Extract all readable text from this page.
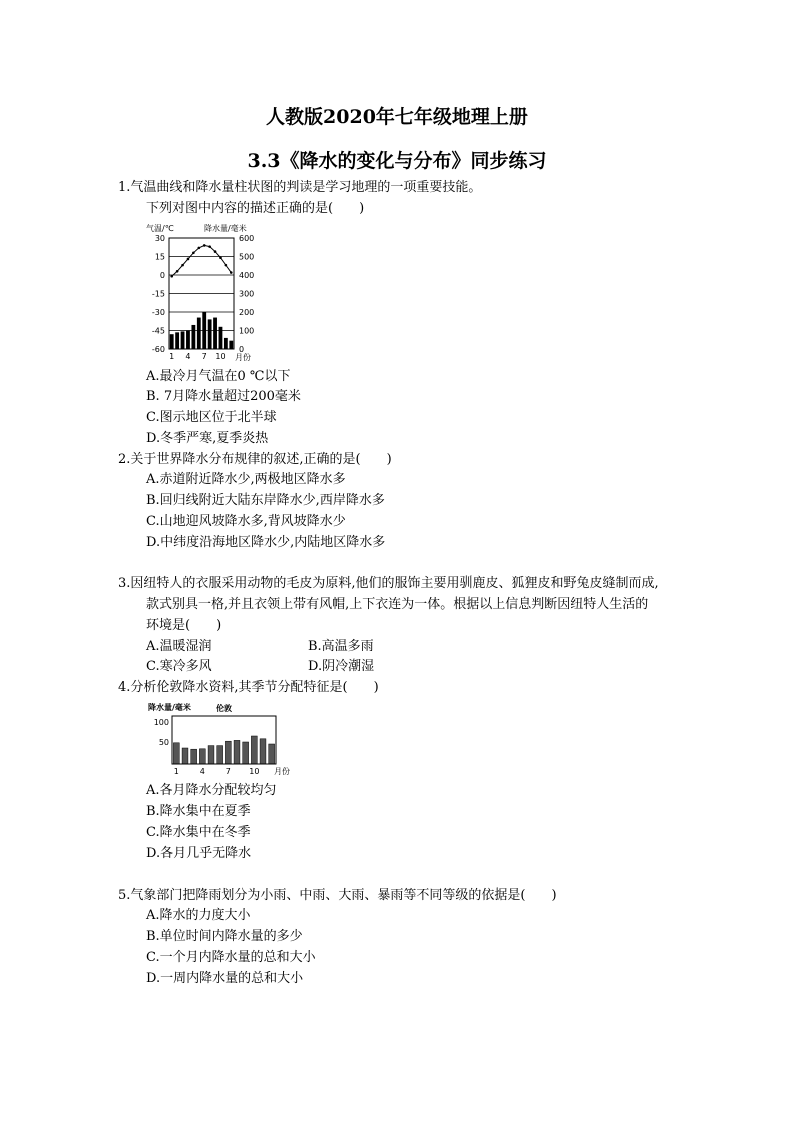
人教版2020年七年级地理上册
3.3《降水的变化与分布》同步练习
1.气温曲线和降水量柱状图的判读是学习地理的一项重要技能。
下列对图中内容的描述正确的是(　　)
气温/℃	降水量/毫米
30
15
0
-15
-30
-45
-60
600
500
400
300
200
100
0
1 4 7 10 月份
A.最冷月气温在0 ℃以下
B. 7月降水量超过200毫米
C.图示地区位于北半球
D.冬季严寒,夏季炎热
2.关于世界降水分布规律的叙述,正确的是(　　)
A.赤道附近降水少,两极地区降水多
B.回归线附近大陆东岸降水少,西岸降水多
C.山地迎风坡降水多,背风坡降水少
D.中纬度沿海地区降水少,内陆地区降水多
3.因纽特人的衣服采用动物的毛皮为原料,他们的服饰主要用驯鹿皮、狐狸皮和野兔皮缝制而成,
款式别具一格,并且衣领上带有风帽,上下衣连为一体。根据以上信息判断因纽特人生活的
环境是(　　)
A.温暖湿润	B.高温多雨
C.寒冷多风	D.阴冷潮湿
4.分析伦敦降水资料,其季节分配特征是(　　)
降水量/毫米	伦敦
100
50
1	4	7 10 月份
A.各月降水分配较均匀
B.降水集中在夏季
C.降水集中在冬季
D.各月几乎无降水
5.气象部门把降雨划分为小雨、中雨、大雨、暴雨等不同等级的依据是(　　)
A.降水的力度大小
B.单位时间内降水量的多少
C.一个月内降水量的总和大小
D.一周内降水量的总和大小
